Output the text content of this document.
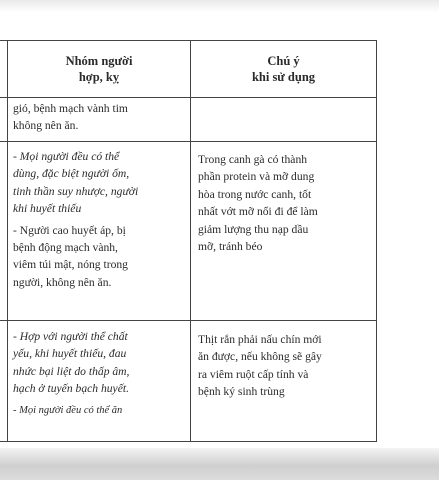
Nhóm người
hợp, kỵ
Chú ý
khi sử dụng

gió, bệnh mạch vành tim

không nên ăn.

- Mọi người đều có thể

dùng, đặc biệt người ốm,

tinh thần suy nhược, người

khi huyết thiếu

- Người cao huyết áp, bị

bệnh động mạch vành,

viêm túi mật, nóng trong

người, không nên ăn.

Trong canh gà có thành

phần protein và mỡ dung

hòa trong nước canh, tốt

nhất vớt mỡ nổi đi để làm

giảm lượng thu nạp dầu

mỡ, tránh béo

- Hợp với người thể chất

yếu, khi huyết thiếu, đau

nhức bại liệt do thấp âm,

hạch ở tuyến bạch huyết.

- Mọi người đều có thể ăn

Thịt rắn phải nấu chín mới

ăn được, nếu không sẽ gây

ra viêm ruột cấp tính và

bệnh ký sinh trùng
